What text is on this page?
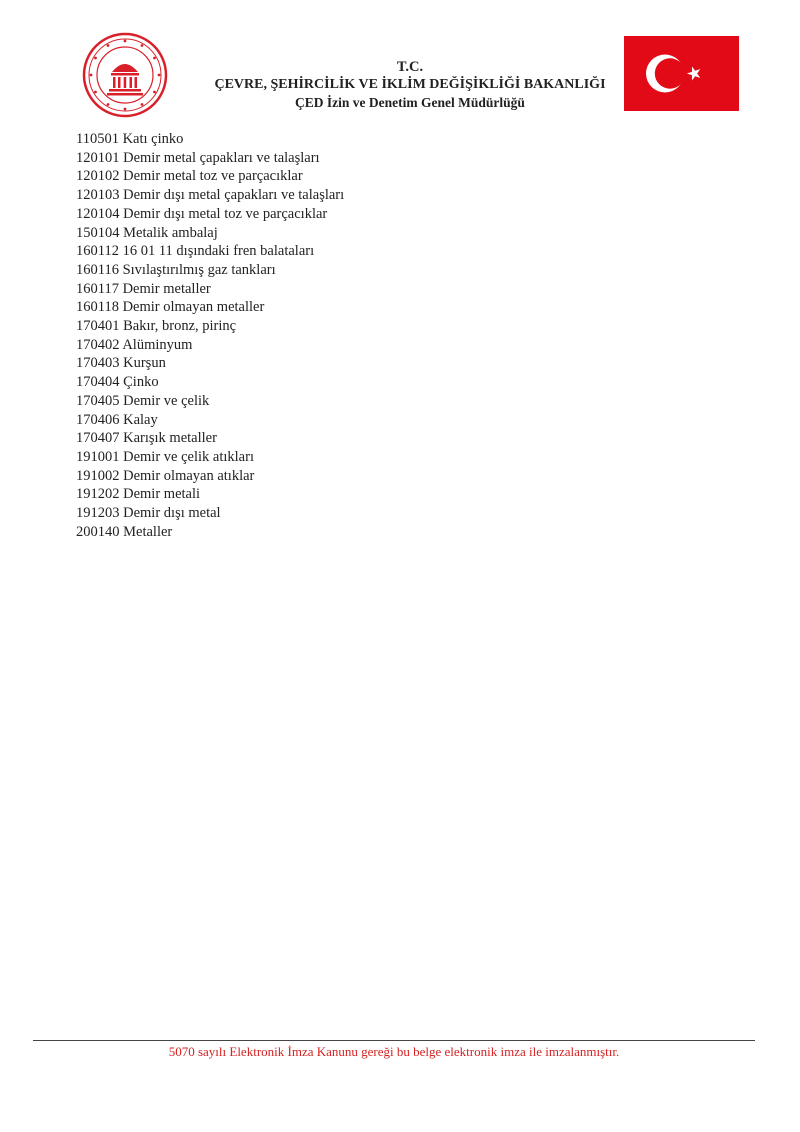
T.C.
ÇEVRE, ŞEHİRCİLİK VE İKLİM DEĞİŞİKLİĞİ BAKANLIĞI
ÇED İzin ve Denetim Genel Müdürlüğü
110501 Katı çinko
120101 Demir metal çapakları ve talaşları
120102 Demir metal toz ve parçacıklar
120103 Demir dışı metal çapakları ve talaşları
120104 Demir dışı metal toz ve parçacıklar
150104 Metalik ambalaj
160112 16 01 11 dışındaki fren balataları
160116 Sıvılaştırılmış gaz tankları
160117 Demir metaller
160118 Demir olmayan metaller
170401 Bakır, bronz, pirinç
170402 Alüminyum
170403 Kurşun
170404 Çinko
170405 Demir ve çelik
170406 Kalay
170407 Karışık metaller
191001 Demir ve çelik atıkları
191002 Demir olmayan atıklar
191202 Demir metali
191203 Demir dışı metal
200140 Metaller
5070 sayılı Elektronik İmza Kanunu gereği bu belge elektronik imza ile imzalanmıştır.
